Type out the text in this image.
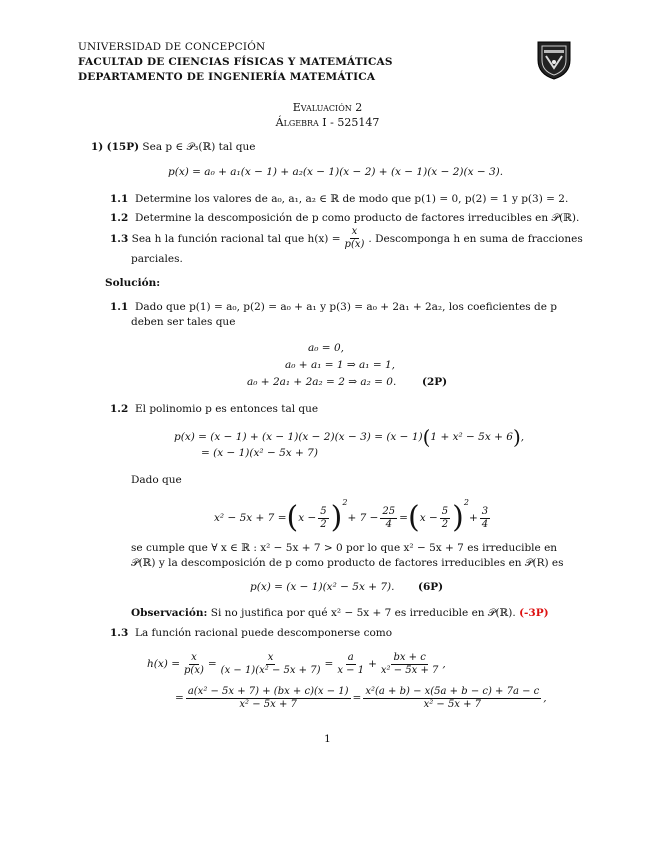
UNIVERSIDAD DE CONCEPCIÓN
FACULTAD DE CIENCIAS FÍSICAS Y MATEMÁTICAS
DEPARTAMENTO DE INGENIERÍA MATEMÁTICA
Evaluación 2
Álgebra I - 525147
1) (15P) Sea p ∈ 𝒫₃(ℝ) tal que
p(x) = a₀ + a₁(x − 1) + a₂(x − 1)(x − 2) + (x − 1)(x − 2)(x − 3).
1.1 Determine los valores de a₀, a₁, a₂ ∈ ℝ de modo que p(1) = 0, p(2) = 1 y p(3) = 2.
1.2 Determine la descomposición de p como producto de factores irreducibles en 𝒫(ℝ).
1.3
Sea h la función racional tal que $h(x) = \frac{x}{p(x)}$ . Descomponga h en suma de fracciones
parciales.
Solución:
1.1 Dado que p(1) = a₀, p(2) = a₀ + a₁ y p(3) = a₀ + 2a₁ + 2a₂, los coeficientes de p
deben ser tales que
a₀ = 0,
a₀ + a₁ = 1 ⇒ a₁ = 1,
a₀ + 2a₁ + 2a₂ = 2 ⇒ a₂ = 0. (2P)
1.2 El polinomio p es entonces tal que
p(x) = (x − 1) + (x − 1)(x − 2)(x − 3) = (x − 1) ( 1 + x² − 5x + 6 ) ,
= (x − 1)(x² − 5x + 7)
Dado que
x² − 5x + 7 = ( $x - \frac{5}{2} )^2$
+ $7 - \frac{25}{4}$ = ( $x - \frac{5}{2} )^2$
+ $\frac{3}{4}$
se cumple que ∀ x ∈ ℝ : x² − 5x + 7 > 0 por lo que x² − 5x + 7 es irreducible en
𝒫(ℝ) y la descomposición de p como producto de factores irreducibles en 𝒫(R) es
p(x) = (x − 1)(x² − 5x + 7). (6P)
Observación: Si no justifica por qué x² − 5x + 7 es irreducible en 𝒫(ℝ). (-3P)
1.3 La función racional puede descomponerse como
$h(x) = \frac{x}{p(x)} = \frac{x}{\text{(x − 1)(x² − 5x + 7)}} = \frac{a}{x - 1} + \frac{bx + c}{\text{x² − 5x + 7}}$ ,
= $\frac{\text{a(x² − 5x + 7) + (bx + c)(x − 1)}}{\text{x² − 5x + 7}} = \frac{\text{x²(a + b) − x(5a + b − c) + 7a − c}}{\text{x² − 5x + 7}}$ ,
1
